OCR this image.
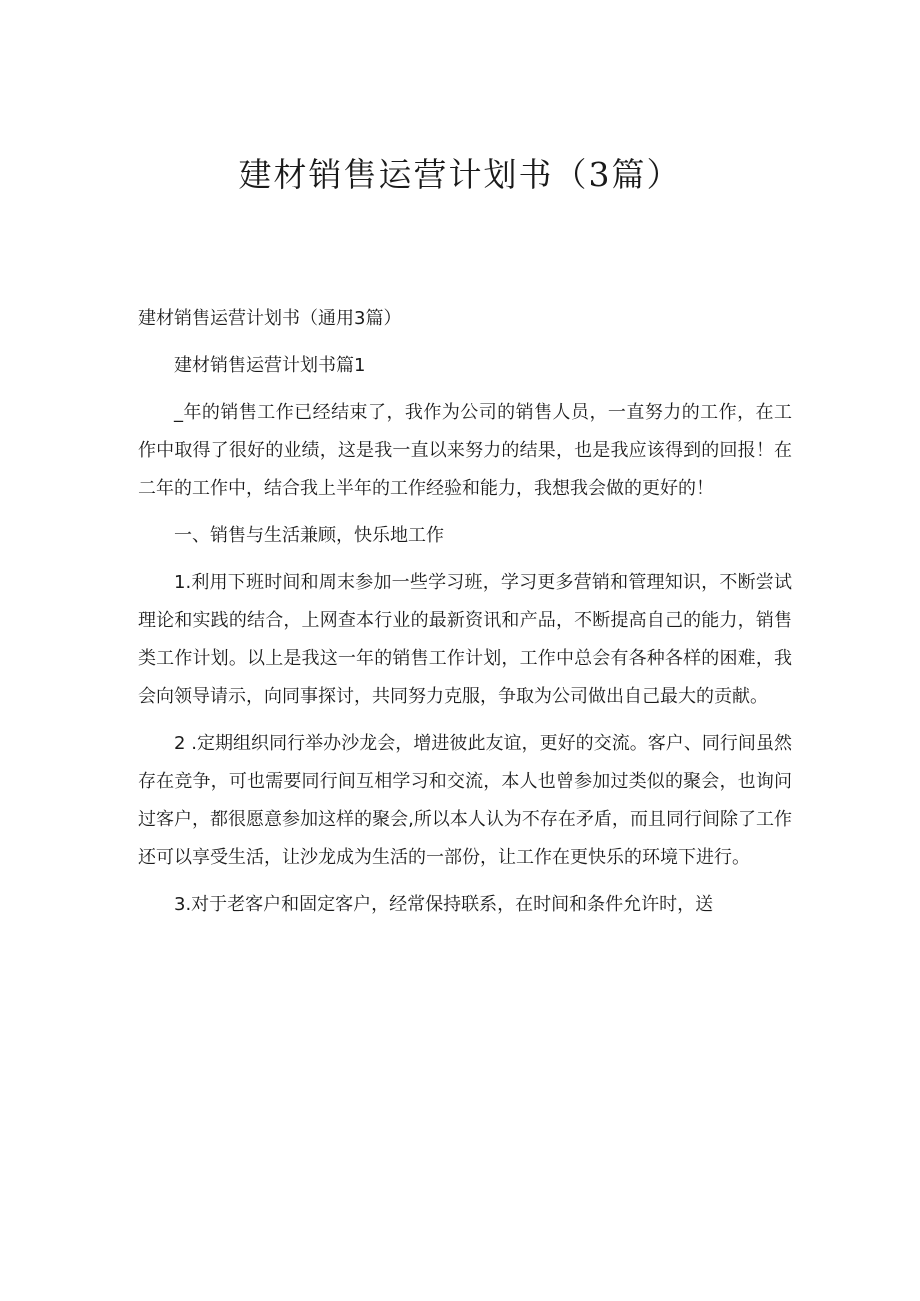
建材销售运营计划书（3篇）

建材销售运营计划书（通用3篇）

建材销售运营计划书篇1

_年的销售工作已经结束了，我作为公司的销售人员，一直努力的工作，在工作中取得了很好的业绩，这是我一直以来努力的结果，也是我应该得到的回报！在二年的工作中，结合我上半年的工作经验和能力，我想我会做的更好的！

一、销售与生活兼顾，快乐地工作

1.利用下班时间和周末参加一些学习班，学习更多营销和管理知识，不断尝试理论和实践的结合，上网查本行业的最新资讯和产品，不断提高自己的能力，销售类工作计划。以上是我这一年的销售工作计划，工作中总会有各种各样的困难，我会向领导请示，向同事探讨，共同努力克服，争取为公司做出自己最大的贡献。

2 .定期组织同行举办沙龙会，增进彼此友谊，更好的交流。客户、同行间虽然存在竞争，可也需要同行间互相学习和交流，本人也曾参加过类似的聚会，也询问过客户，都很愿意参加这样的聚会,所以本人认为不存在矛盾，而且同行间除了工作还可以享受生活，让沙龙成为生活的一部份，让工作在更快乐的环境下进行。

3.对于老客户和固定客户，经常保持联系，在时间和条件允许时，送
